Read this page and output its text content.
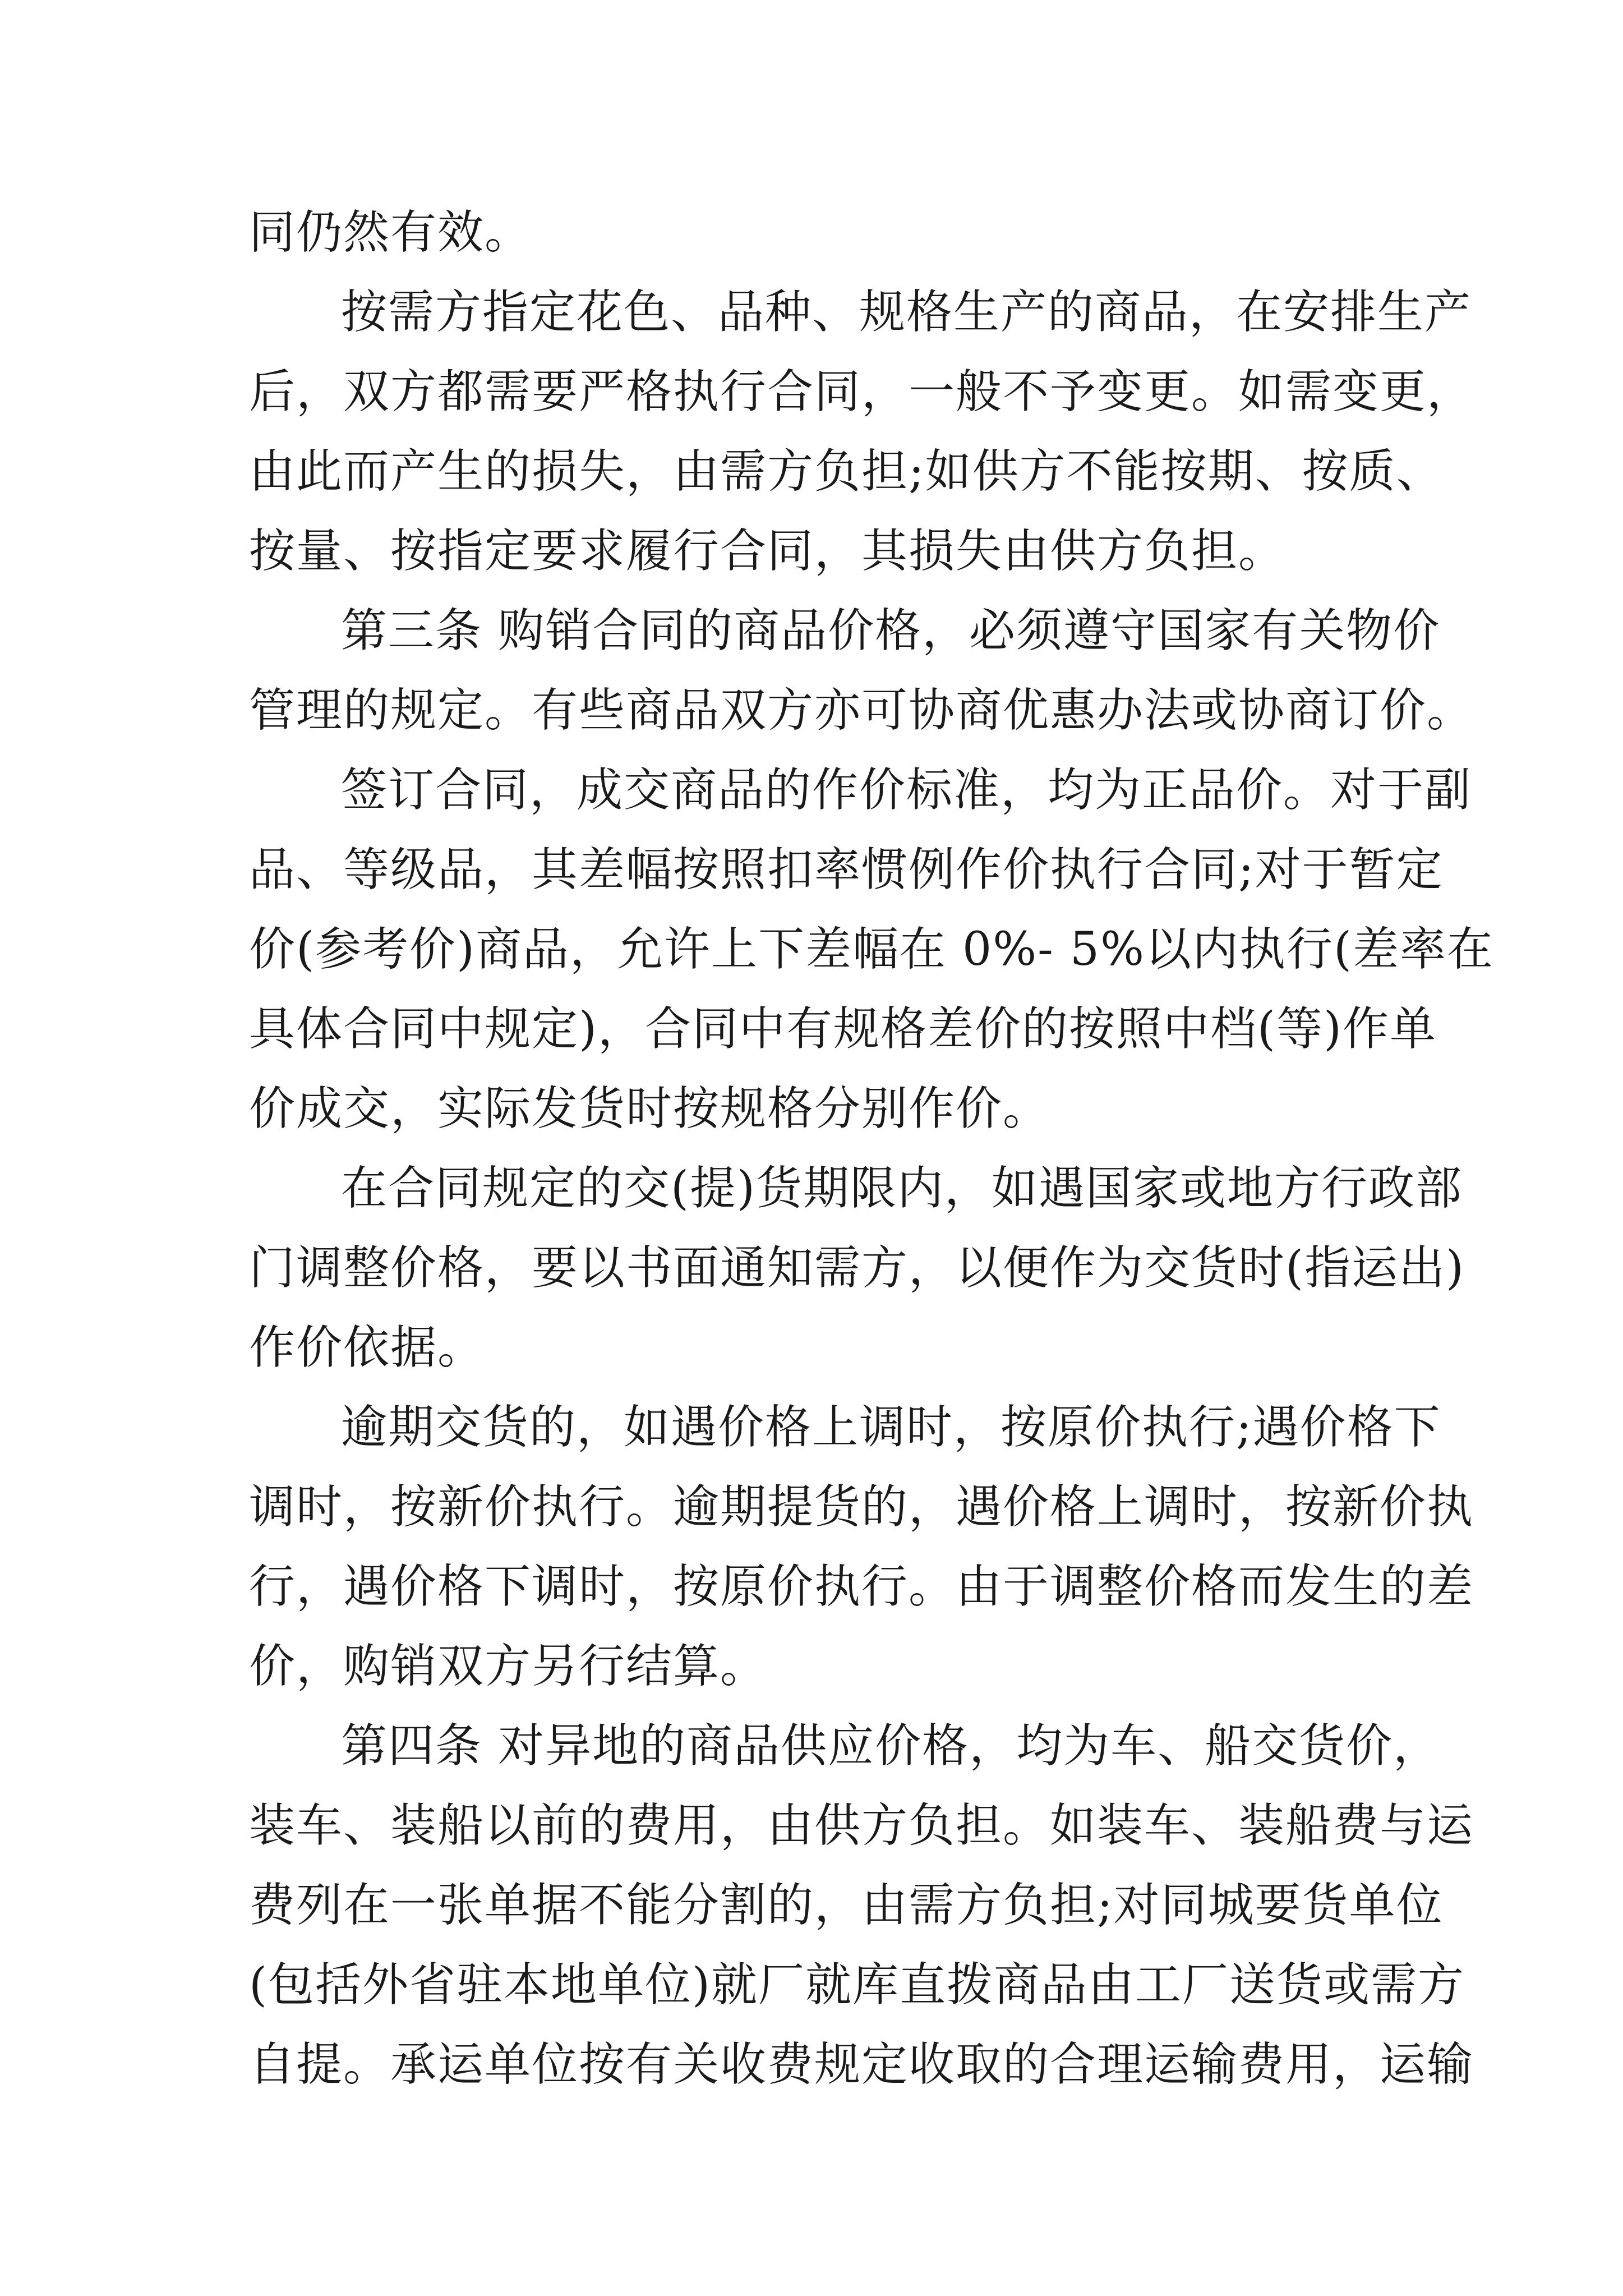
同仍然有效。
按需方指定花色、品种、规格生产的商品，在安排生产
后，双方都需要严格执行合同，一般不予变更。如需变更，
由此而产生的损失，由需方负担;如供方不能按期、按质、
按量、按指定要求履行合同，其损失由供方负担。
第三条 购销合同的商品价格，必须遵守国家有关物价
管理的规定。有些商品双方亦可协商优惠办法或协商订价。
签订合同，成交商品的作价标准，均为正品价。对于副
品、等级品，其差幅按照扣率惯例作价执行合同;对于暂定
价(参考价)商品，允许上下差幅在 0%- 5%以内执行(差率在
具体合同中规定)，合同中有规格差价的按照中档(等)作单
价成交，实际发货时按规格分别作价。
在合同规定的交(提)货期限内，如遇国家或地方行政部
门调整价格，要以书面通知需方，以便作为交货时(指运出)
作价依据。
逾期交货的，如遇价格上调时，按原价执行;遇价格下
调时，按新价执行。逾期提货的，遇价格上调时，按新价执
行，遇价格下调时，按原价执行。由于调整价格而发生的差
价，购销双方另行结算。
第四条 对异地的商品供应价格，均为车、船交货价，
装车、装船以前的费用，由供方负担。如装车、装船费与运
费列在一张单据不能分割的，由需方负担;对同城要货单位
(包括外省驻本地单位)就厂就库直拨商品由工厂送货或需方
自提。承运单位按有关收费规定收取的合理运输费用，运输
